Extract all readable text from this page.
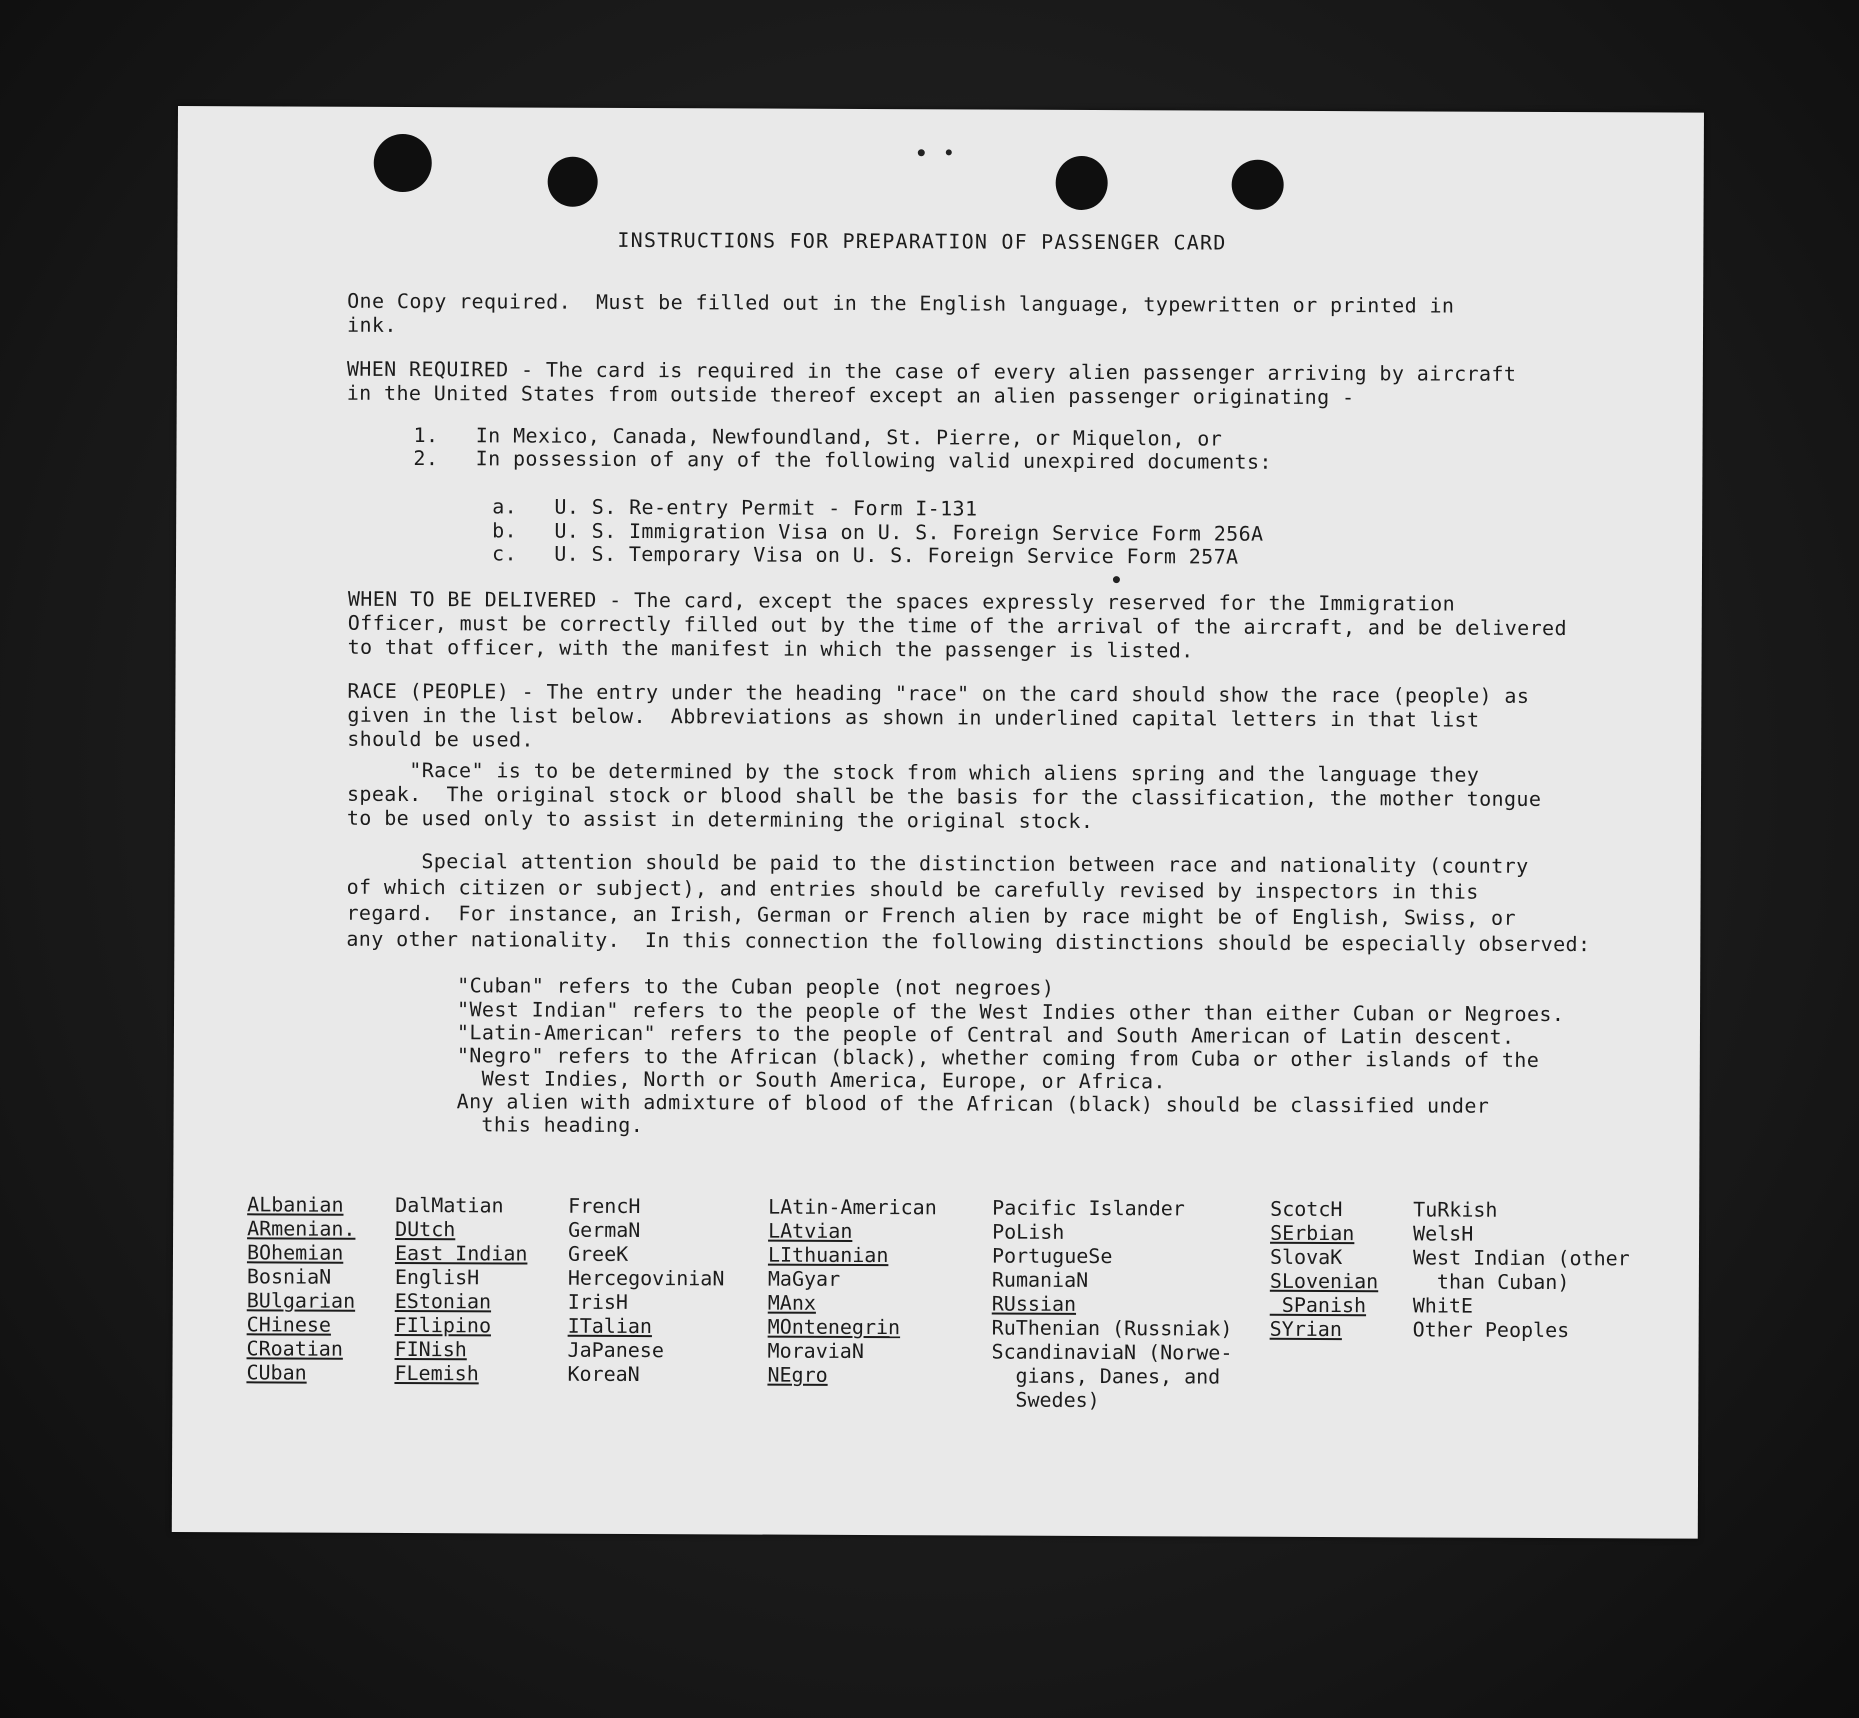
INSTRUCTIONS FOR PREPARATION OF PASSENGER CARD
One Copy required.  Must be filled out in the English language, typewritten or printed in
ink.
WHEN REQUIRED - The card is required in the case of every alien passenger arriving by aircraft
in the United States from outside thereof except an alien passenger originating -
1.   In Mexico, Canada, Newfoundland, St. Pierre, or Miquelon, or
2.   In possession of any of the following valid unexpired documents:
a.   U. S. Re-entry Permit - Form I-131
b.   U. S. Immigration Visa on U. S. Foreign Service Form 256A
c.   U. S. Temporary Visa on U. S. Foreign Service Form 257A
WHEN TO BE DELIVERED - The card, except the spaces expressly reserved for the Immigration
Officer, must be correctly filled out by the time of the arrival of the aircraft, and be delivered
to that officer, with the manifest in which the passenger is listed.
RACE (PEOPLE) - The entry under the heading "race" on the card should show the race (people) as
given in the list below.  Abbreviations as shown in underlined capital letters in that list
should be used.
"Race" is to be determined by the stock from which aliens spring and the language they
speak.  The original stock or blood shall be the basis for the classification, the mother tongue
to be used only to assist in determining the original stock.
Special attention should be paid to the distinction between race and nationality (country
of which citizen or subject), and entries should be carefully revised by inspectors in this
regard.  For instance, an Irish, German or French alien by race might be of English, Swiss, or
any other nationality.  In this connection the following distinctions should be especially observed:
"Cuban" refers to the Cuban people (not negroes)
"West Indian" refers to the people of the West Indies other than either Cuban or Negroes.
"Latin-American" refers to the people of Central and South American of Latin descent.
"Negro" refers to the African (black), whether coming from Cuba or other islands of the
West Indies, North or South America, Europe, or Africa.
Any alien with admixture of blood of the African (black) should be classified under
this heading.
ALbanian
ARmenian.
BOhemian
BosniaN
BUlgarian
CHinese
CRoatian
CUban
DalMatian
DUtch
East Indian
EnglisH
EStonian
FIlipino
FINish
FLemish
FrencH
GermaN
GreeK
HercegoviniaN
IrisH
ITalian
JaPanese
KoreaN
LAtin-American
LAtvian
LIthuanian
MaGyar
MAnx
MOntenegrin
MoraviaN
NEgro
Pacific Islander
PoLish
PortugueSe
RumaniaN
RUssian
RuThenian (Russniak)
ScandinaviaN (Norwe-
gians, Danes, and
Swedes)
ScotcH
SErbian
SlovaK
SLovenian
SPanish
SYrian
TuRkish
WelsH
West Indian (other
than Cuban)
WhitE
Other Peoples
